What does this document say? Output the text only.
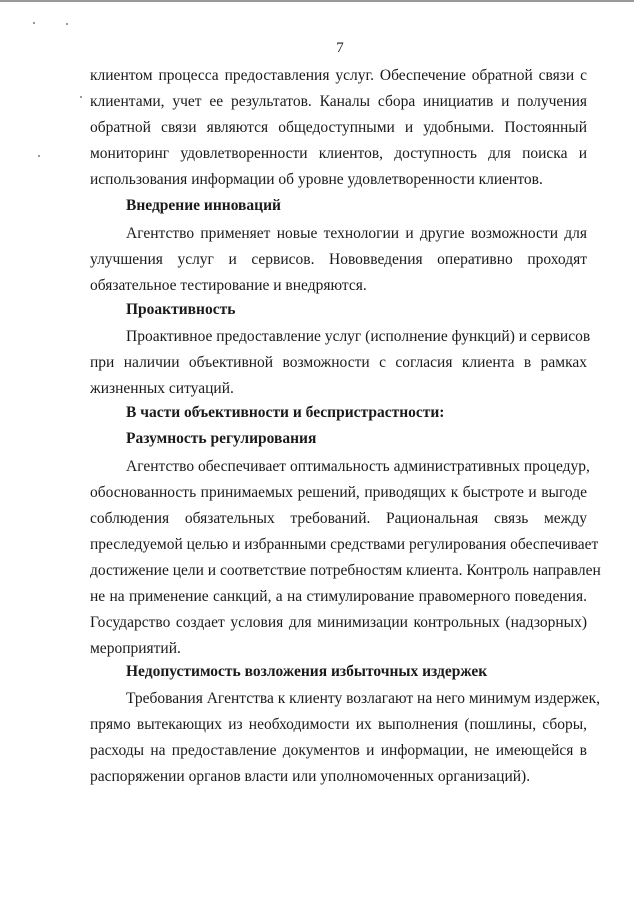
7
клиентом процесса предоставления услуг. Обеспечение обратной связи с
клиентами, учет ее результатов. Каналы сбора инициатив и получения
обратной связи являются общедоступными и удобными. Постоянный
мониторинг удовлетворенности клиентов, доступность для поиска и
использования информации об уровне удовлетворенности клиентов.
Внедрение инноваций
Агентство применяет новые технологии и другие возможности для
улучшения услуг и сервисов. Нововведения оперативно проходят
обязательное тестирование и внедряются.
Проактивность
Проактивное предоставление услуг (исполнение функций) и сервисов
при наличии объективной возможности с согласия клиента в рамках
жизненных ситуаций.
В части объективности и беспристрастности:
Разумность регулирования
Агентство обеспечивает оптимальность административных процедур,
обоснованность принимаемых решений, приводящих к быстроте и выгоде
соблюдения обязательных требований. Рациональная связь между
преследуемой целью и избранными средствами регулирования обеспечивает
достижение цели и соответствие потребностям клиента. Контроль направлен
не на применение санкций, а на стимулирование правомерного поведения.
Государство создает условия для минимизации контрольных (надзорных)
мероприятий.
Недопустимость возложения избыточных издержек
Требования Агентства к клиенту возлагают на него минимум издержек,
прямо вытекающих из необходимости их выполнения (пошлины, сборы,
расходы на предоставление документов и информации, не имеющейся в
распоряжении органов власти или уполномоченных организаций).
